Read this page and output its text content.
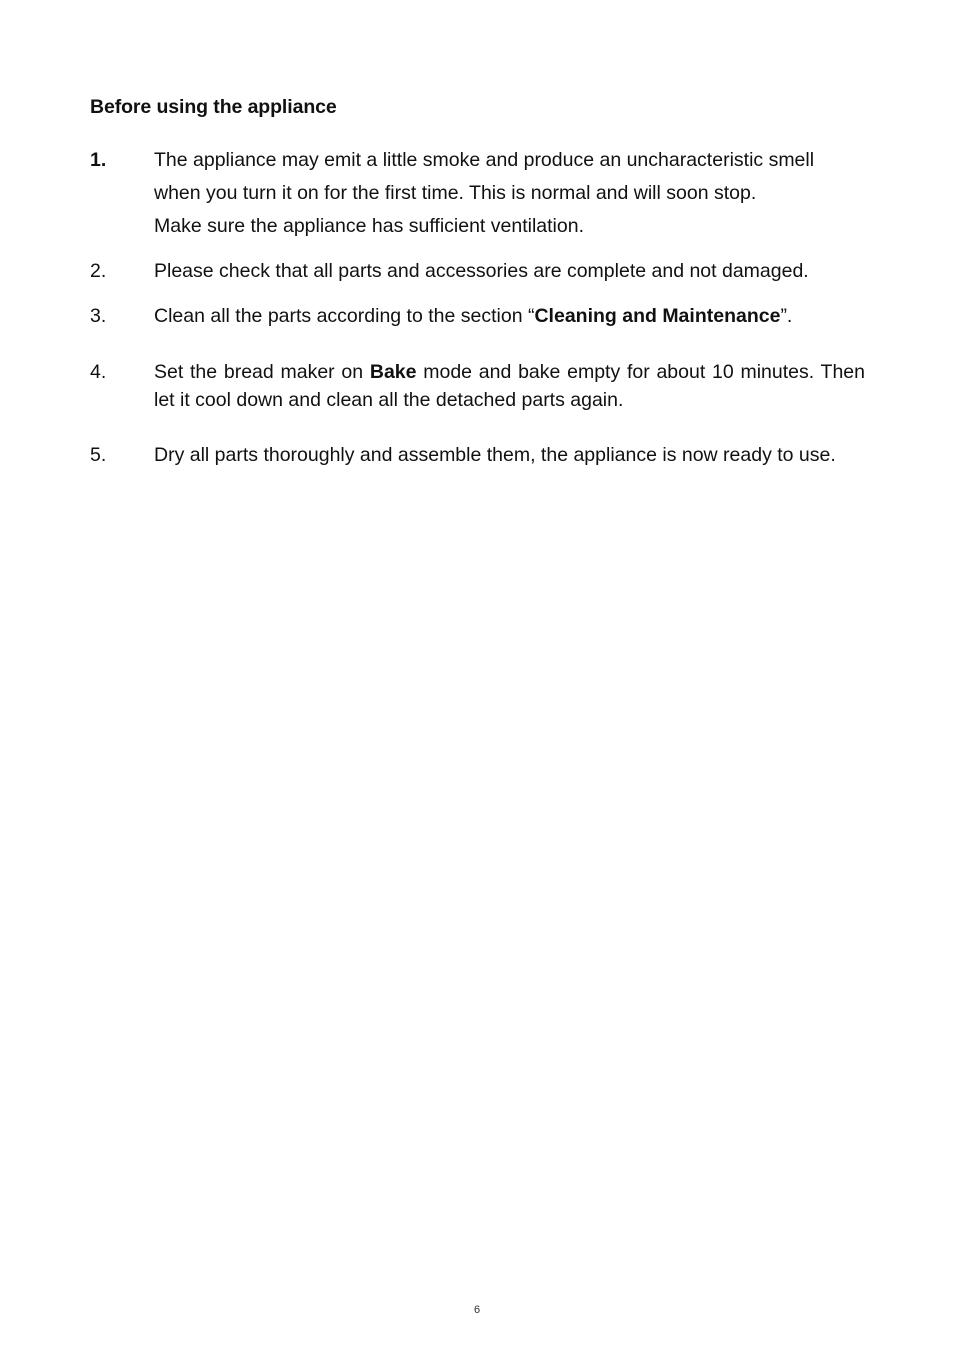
Before using the appliance
1.	The appliance may emit a little smoke and produce an uncharacteristic smell
when you turn it on for the first time. This is normal and will soon stop.
Make sure the appliance has sufficient ventilation.
2.	Please check that all parts and accessories are complete and not damaged.
3.	Clean all the parts according to the section “Cleaning and Maintenance”.
4.	Set the bread maker on Bake mode and bake empty for about 10 minutes. Then let it cool down and clean all the detached parts again.
5.	Dry all parts thoroughly and assemble them, the appliance is now ready to use.
6
